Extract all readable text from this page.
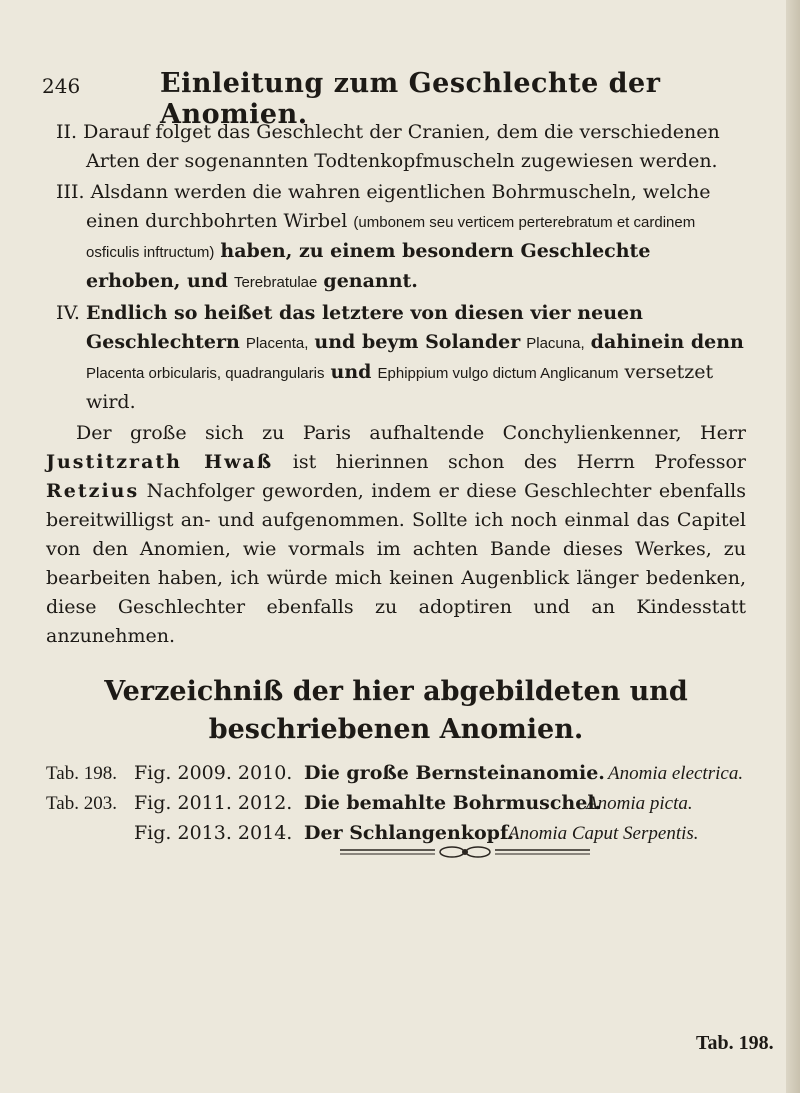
246	Einleitung zum Geschlechte der Anomien.
II. Darauf folget das Geschlecht der Cranien, dem die verschiedenen Arten der sogenannten Todtenkopfmuscheln zugewiesen werden.
III. Alsdann werden die wahren eigentlichen Bohrmuscheln, welche einen durchbohrten Wirbel (umbonem seu verticem perterebratum et cardinem osficulis inftructum) haben, zu einem besondern Geschlechte erhoben, und Terebratulae genannt.
IV. Endlich so heißet das letztere von diesen vier neuen Geschlechtern Placenta, und beym Solander Placuna, dahinein denn Placenta orbicularis, quadrangularis und Ephippium vulgo dictum Anglicanum versetzet wird.
Der große sich zu Paris aufhaltende Conchylienkenner, Herr Justitzrath Hwaß ist hierinnen schon des Herrn Professor Retzius Nachfolger geworden, indem er diese Geschlechter ebenfalls bereitwilligst an- und aufgenommen. Sollte ich noch einmal das Capitel von den Anomien, wie vormals im achten Bande dieses Werkes, zu bearbeiten haben, ich würde mich keinen Augenblick länger bedenken, diese Geschlechter ebenfalls zu adoptiren und an Kindesstatt anzunehmen.
Verzeichniß der hier abgebildeten und beschriebenen Anomien.
Tab. 198. Fig. 2009. 2010. Die große Bernsteinanomie. Anomia electrica.
Tab. 203. Fig. 2011. 2012. Die bemahlte Bohrmuschel.
Anomia picta.
Fig. 2013. 2014. Der Schlangenkopf.
Anomia Caput Serpentis.
Tab. 198.
